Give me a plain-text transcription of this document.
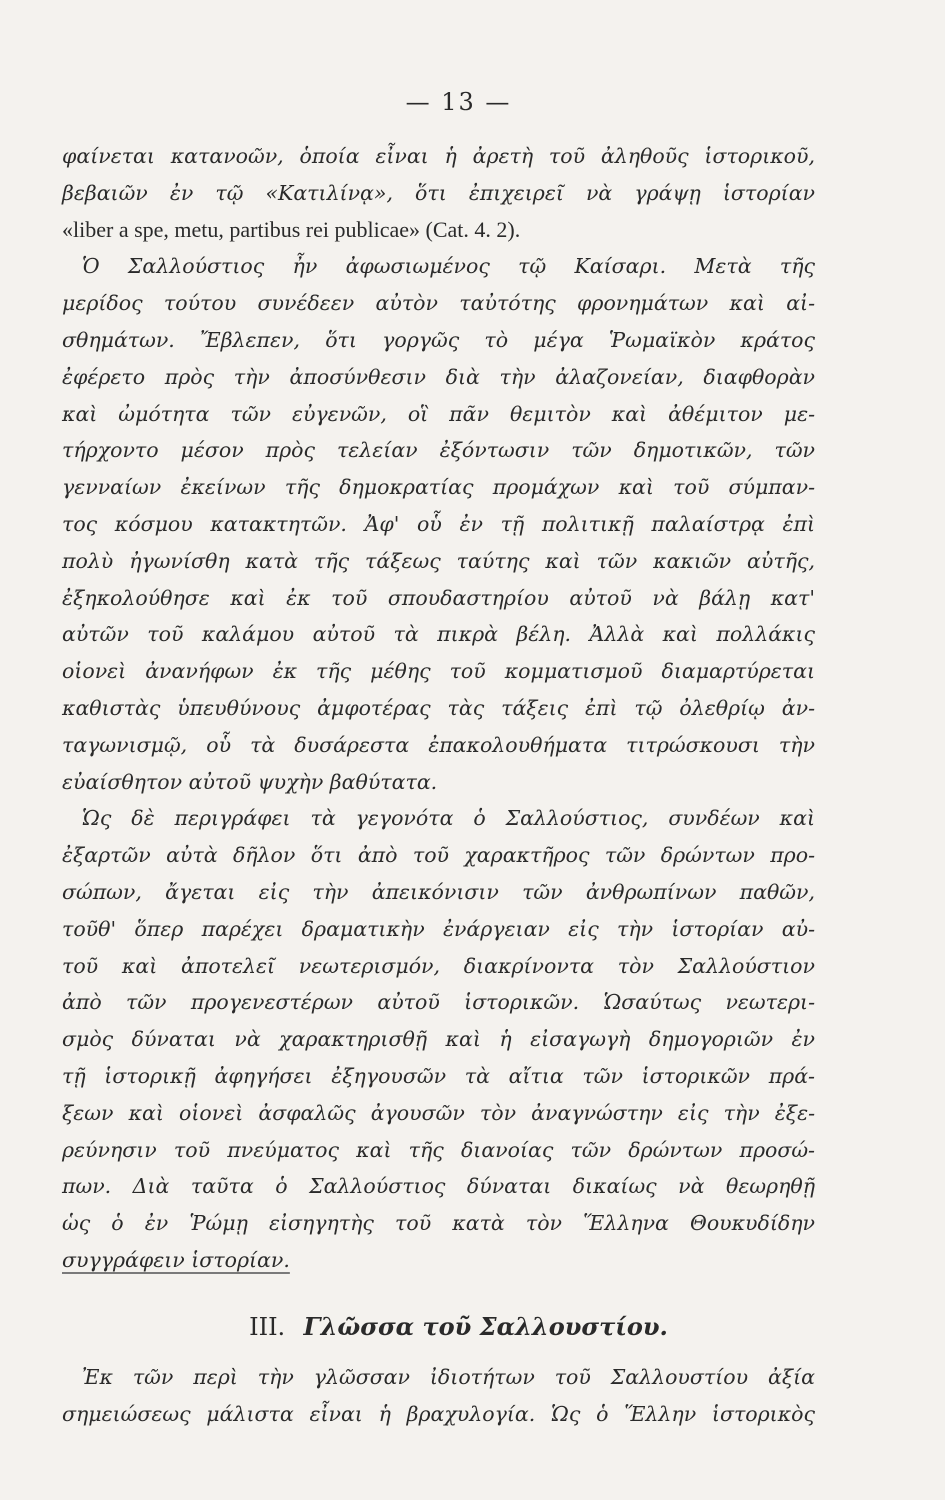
— 13 —
φαίνεται κατανοῶν, ὁποία εἶναι ἡ ἀρετὴ τοῦ ἀληθοῦς ἱστορικοῦ,
βεβαιῶν ἐν τῷ «Κατιλίνᾳ», ὅτι ἐπιχειρεῖ νὰ γράψῃ ἱστορίαν
«liber a spe, metu, partibus rei publicae» (Cat. 4. 2).
Ὁ Σαλλούστιος ἦν ἀφωσιωμένος τῷ Καίσαρι. Μετὰ τῆς
μερίδος τούτου συνέδεεν αὐτὸν ταὐτότης φρονημάτων καὶ αἰ-
σθημάτων. Ἔβλεπεν, ὅτι γοργῶς τὸ μέγα Ῥωμαϊκὸν κράτος
ἐφέρετο πρὸς τὴν ἀποσύνθεσιν διὰ τὴν ἀλαζονείαν, διαφθορὰν
καὶ ὠμότητα τῶν εὐγενῶν, οἳ πᾶν θεμιτὸν καὶ ἀθέμιτον με-
τήρχοντο μέσον πρὸς τελείαν ἐξόντωσιν τῶν δημοτικῶν, τῶν
γενναίων ἐκείνων τῆς δημοκρατίας προμάχων καὶ τοῦ σύμπαν-
τος κόσμου κατακτητῶν. Ἀφ' οὗ ἐν τῇ πολιτικῇ παλαίστρᾳ ἐπὶ
πολὺ ἠγωνίσθη κατὰ τῆς τάξεως ταύτης καὶ τῶν κακιῶν αὐτῆς,
ἐξηκολούθησε καὶ ἐκ τοῦ σπουδαστηρίου αὐτοῦ νὰ βάλῃ κατ'
αὐτῶν τοῦ καλάμου αὐτοῦ τὰ πικρὰ βέλη. Ἀλλὰ καὶ πολλάκις
οἱονεὶ ἀνανήφων ἐκ τῆς μέθης τοῦ κομματισμοῦ διαμαρτύρεται
καθιστὰς ὑπευθύνους ἀμφοτέρας τὰς τάξεις ἐπὶ τῷ ὀλεθρίῳ ἀν-
ταγωνισμῷ, οὗ τὰ δυσάρεστα ἐπακολουθήματα τιτρώσκουσι τὴν
εὐαίσθητον αὐτοῦ ψυχὴν βαθύτατα.
Ὡς δὲ περιγράφει τὰ γεγονότα ὁ Σαλλούστιος, συνδέων καὶ
ἐξαρτῶν αὐτὰ δῆλον ὅτι ἀπὸ τοῦ χαρακτῆρος τῶν δρώντων προ-
σώπων, ἄγεται εἰς τὴν ἀπεικόνισιν τῶν ἀνθρωπίνων παθῶν,
τοῦθ' ὅπερ παρέχει δραματικὴν ἐνάργειαν εἰς τὴν ἱστορίαν αὐ-
τοῦ καὶ ἀποτελεῖ νεωτερισμόν, διακρίνοντα τὸν Σαλλούστιον
ἀπὸ τῶν προγενεστέρων αὐτοῦ ἱστορικῶν. Ὡσαύτως νεωτερι-
σμὸς δύναται νὰ χαρακτηρισθῇ καὶ ἡ εἰσαγωγὴ δημογοριῶν ἐν
τῇ ἱστορικῇ ἀφηγήσει ἐξηγουσῶν τὰ αἴτια τῶν ἱστορικῶν πρά-
ξεων καὶ οἱονεὶ ἀσφαλῶς ἀγουσῶν τὸν ἀναγνώστην εἰς τὴν ἐξε-
ρεύνησιν τοῦ πνεύματος καὶ τῆς διανοίας τῶν δρώντων προσώ-
πων. Διὰ ταῦτα ὁ Σαλλούστιος δύναται δικαίως νὰ θεωρηθῇ
ὡς ὁ ἐν Ῥώμῃ εἰσηγητὴς τοῦ κατὰ τὸν Ἕλληνα Θουκυδίδην
συγγράφειν ἱστορίαν.
III. Γλῶσσα τοῦ Σαλλουστίου.
Ἐκ τῶν περὶ τὴν γλῶσσαν ἰδιοτήτων τοῦ Σαλλουστίου ἀξία
σημειώσεως μάλιστα εἶναι ἡ βραχυλογία. Ὡς ὁ Ἕλλην ἱστορικὸς
